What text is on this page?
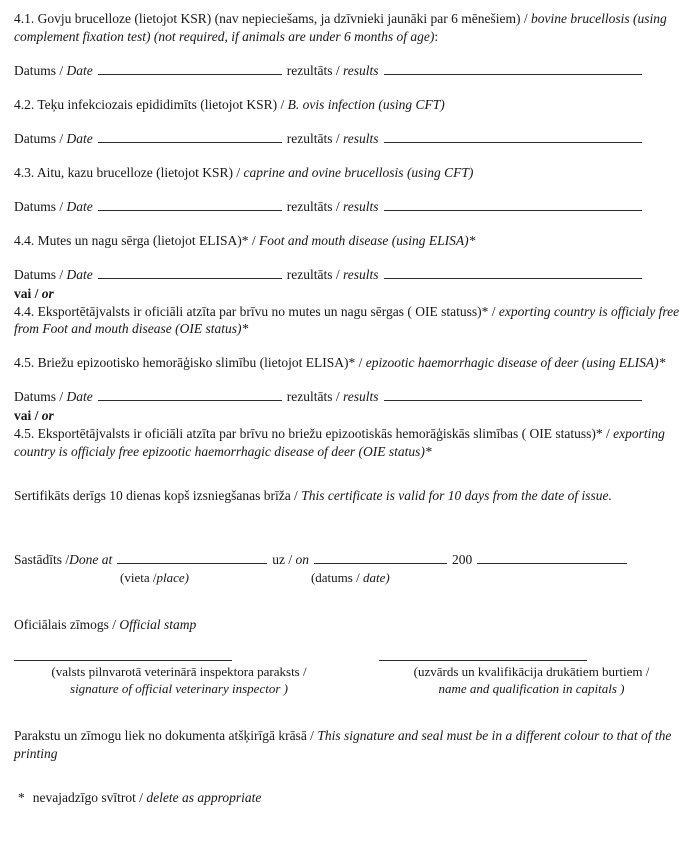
4.1. Govju brucelloze (lietojot KSR) (nav nepieciešams, ja dzīvnieki jaunāki par 6 mēnešiem) / bovine brucellosis (using complement fixation test) (not required, if animals are under 6 months of age):

Datums / Date	rezultāts / results

4.2. Teķu infekciozais epididimīts (lietojot KSR) / B. ovis infection (using CFT)

Datums / Date	rezultāts / results

4.3. Aitu, kazu brucelloze (lietojot KSR) / caprine and ovine brucellosis (using CFT)

Datums / Date	rezultāts / results

4.4. Mutes un nagu sērga (lietojot ELISA)* / Foot and mouth disease (using ELISA)*

Datums / Date	rezultāts / results

vai / or

4.4. Eksportētājvalsts ir oficiāli atzīta par brīvu no mutes un nagu sērgas ( OIE statuss)* / exporting country is officialy free from Foot and mouth disease (OIE status)*

4.5. Briežu epizootisko hemorāģisko slimību (lietojot ELISA)* / epizootic haemorrhagic disease of deer (using ELISA)*

Datums / Date	rezultāts / results

vai / or

4.5. Eksportētājvalsts ir oficiāli atzīta par brīvu no briežu epizootiskās hemorāģiskās slimības ( OIE statuss)* / exporting country is officialy free epizootic haemorrhagic disease of deer (OIE status)*

Sertifikāts derīgs 10 dienas kopš izsniegšanas brīža / This certificate is valid for 10 days from the date of issue.

Sastādīts /Done at	uz / on	200

(vieta /place)	(datums / date)

Oficiālais zīmogs / Official stamp

(valsts pilnvarotā veterinārā inspektora paraksts /
signature of official veterinary inspector )
(uzvārds un kvalifikācija drukātiem burtiem /
name and qualification in capitals )

Parakstu un zīmogu liek no dokumenta atšķirīgā krāsā / This signature and seal must be in a different colour to that of the printing

* nevajadzīgo svītrot / delete as appropriate
